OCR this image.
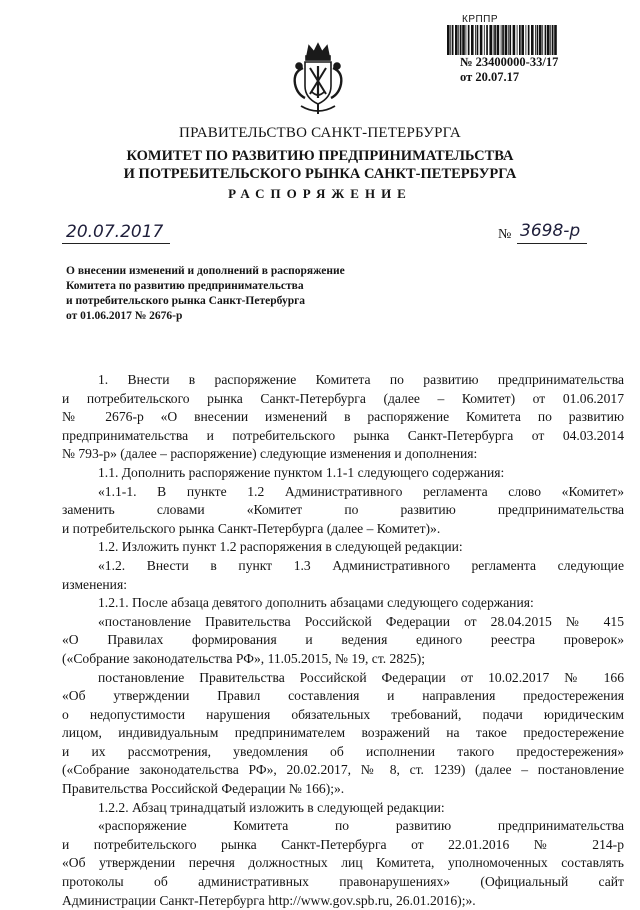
КРППР
№ 23400000-33/17
от 20.07.17
ПРАВИТЕЛЬСТВО САНКТ-ПЕТЕРБУРГА
КОМИТЕТ ПО РАЗВИТИЮ ПРЕДПРИНИМАТЕЛЬСТВА
И ПОТРЕБИТЕЛЬСКОГО РЫНКА САНКТ-ПЕТЕРБУРГА
РАСПОРЯЖЕНИЕ
20.07.2017	№ 3698-р
О внесении изменений и дополнений в распоряжение
Комитета по развитию предпринимательства
и потребительского рынка Санкт-Петербурга
от 01.06.2017 № 2676-р
1. Внести в распоряжение Комитета по развитию предпринимательства
и потребительского рынка Санкт-Петербурга (далее – Комитет) от 01.06.2017
№ 2676-р «О внесении изменений в распоряжение Комитета по развитию
предпринимательства и потребительского рынка Санкт-Петербурга от 04.03.2014
№ 793-р» (далее – распоряжение) следующие изменения и дополнения:
1.1. Дополнить распоряжение пунктом 1.1-1 следующего содержания:
«1.1-1. В пункте 1.2 Административного регламента слово «Комитет»
заменить словами «Комитет по развитию предпринимательства
и потребительского рынка Санкт-Петербурга (далее – Комитет)».
1.2. Изложить пункт 1.2 распоряжения в следующей редакции:
«1.2. Внести в пункт 1.3 Административного регламента следующие
изменения:
1.2.1. После абзаца девятого дополнить абзацами следующего содержания:
«постановление Правительства Российской Федерации от 28.04.2015 № 415
«О Правилах формирования и ведения единого реестра проверок»
(«Собрание законодательства РФ», 11.05.2015, № 19, ст. 2825);
постановление Правительства Российской Федерации от 10.02.2017 № 166
«Об утверждении Правил составления и направления предостережения
о недопустимости нарушения обязательных требований, подачи юридическим
лицом, индивидуальным предпринимателем возражений на такое предостережение
и их рассмотрения, уведомления об исполнении такого предостережения»
(«Собрание законодательства РФ», 20.02.2017, № 8, ст. 1239) (далее – постановление
Правительства Российской Федерации № 166);».
1.2.2. Абзац тринадцатый изложить в следующей редакции:
«распоряжение Комитета по развитию предпринимательства
и потребительского рынка Санкт-Петербурга от 22.01.2016 № 214-р
«Об утверждении перечня должностных лиц Комитета, уполномоченных составлять
протоколы об административных правонарушениях» (Официальный сайт
Администрации Санкт-Петербурга http://www.gov.spb.ru, 26.01.2016);».
